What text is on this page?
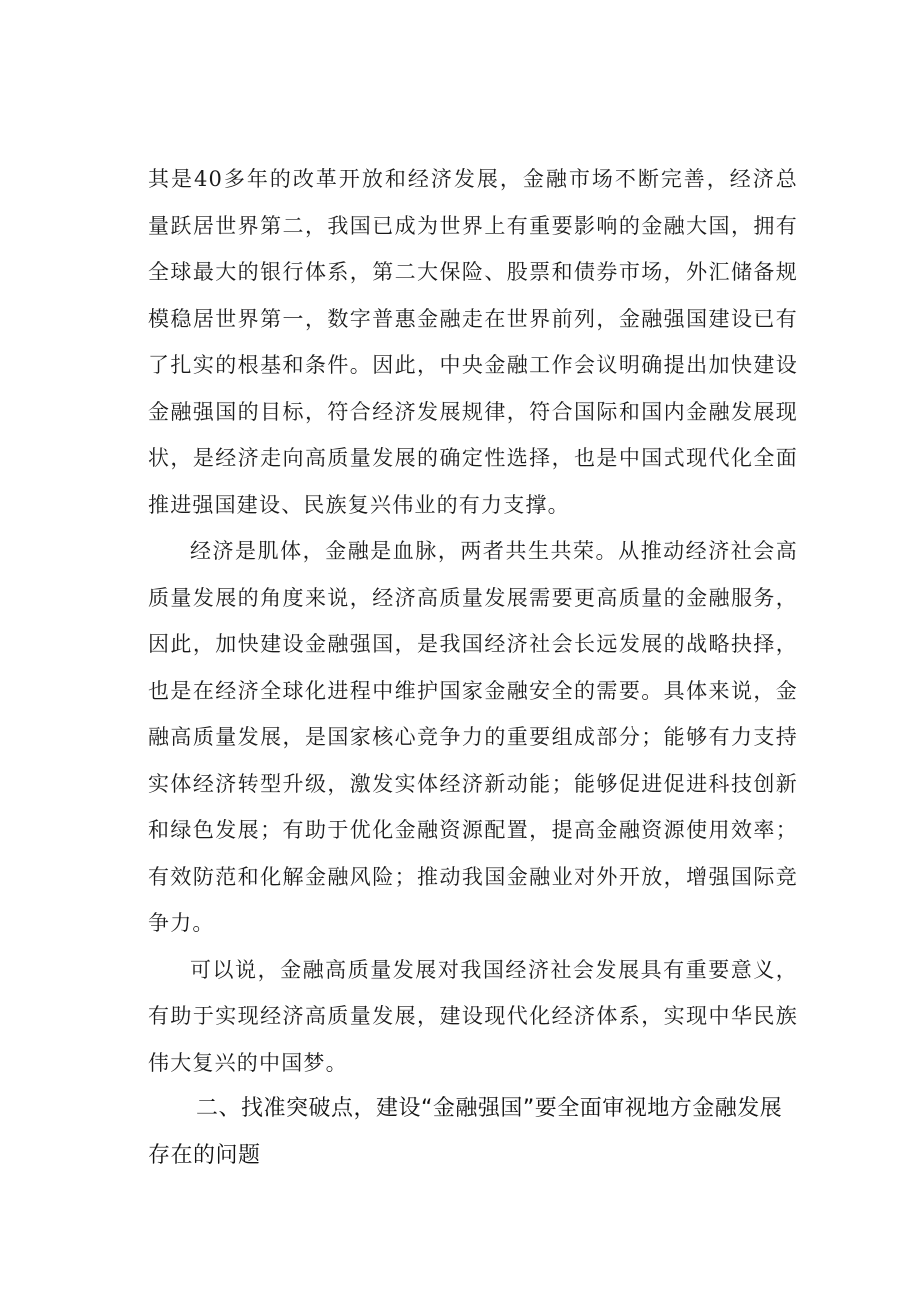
其是40多年的改革开放和经济发展，金融市场不断完善，经济总量跃居世界第二，我国已成为世界上有重要影响的金融大国，拥有全球最大的银行体系，第二大保险、股票和债券市场，外汇储备规模稳居世界第一，数字普惠金融走在世界前列，金融强国建设已有了扎实的根基和条件。因此，中央金融工作会议明确提出加快建设金融强国的目标，符合经济发展规律，符合国际和国内金融发展现状，是经济走向高质量发展的确定性选择，也是中国式现代化全面推进强国建设、民族复兴伟业的有力支撑。

经济是肌体，金融是血脉，两者共生共荣。从推动经济社会高质量发展的角度来说，经济高质量发展需要更高质量的金融服务，因此，加快建设金融强国，是我国经济社会长远发展的战略抉择，也是在经济全球化进程中维护国家金融安全的需要。具体来说，金融高质量发展，是国家核心竞争力的重要组成部分；能够有力支持实体经济转型升级，激发实体经济新动能；能够促进促进科技创新和绿色发展；有助于优化金融资源配置，提高金融资源使用效率；有效防范和化解金融风险；推动我国金融业对外开放，增强国际竞争力。

可以说，金融高质量发展对我国经济社会发展具有重要意义，有助于实现经济高质量发展，建设现代化经济体系，实现中华民族伟大复兴的中国梦。

二、找准突破点，建设“金融强国”要全面审视地方金融发展存在的问题
